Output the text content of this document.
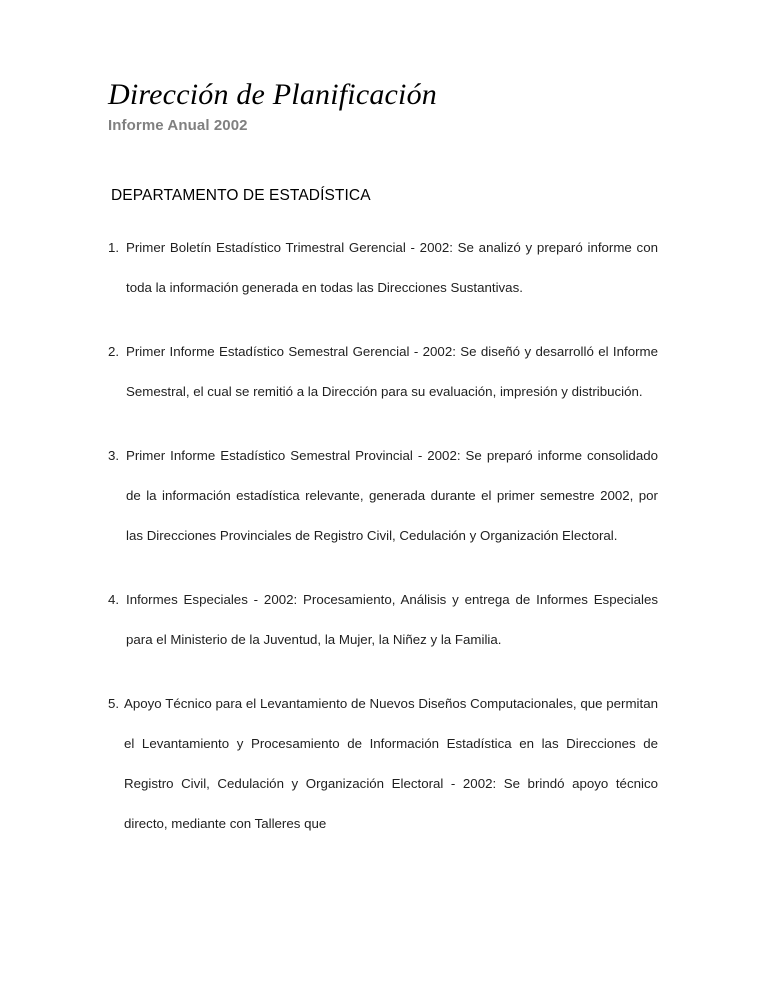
Dirección de Planificación
Informe Anual 2002
DEPARTAMENTO DE ESTADÍSTICA
1. Primer Boletín Estadístico Trimestral Gerencial - 2002: Se analizó y preparó informe con toda la información generada en todas las Direcciones Sustantivas.
2. Primer Informe Estadístico Semestral Gerencial - 2002: Se diseñó y desarrolló el Informe Semestral, el cual se remitió a la Dirección para su evaluación, impresión y distribución.
3. Primer Informe Estadístico Semestral Provincial - 2002: Se preparó informe consolidado de la información estadística relevante, generada durante el primer semestre 2002, por las Direcciones Provinciales de Registro Civil, Cedulación y Organización Electoral.
4. Informes Especiales - 2002: Procesamiento, Análisis y entrega de Informes Especiales para el Ministerio de la Juventud, la Mujer, la Niñez y la Familia.
5. Apoyo Técnico para el Levantamiento de Nuevos Diseños Computacionales, que permitan el Levantamiento y Procesamiento de Información Estadística en las Direcciones de Registro Civil, Cedulación y Organización Electoral - 2002: Se brindó apoyo técnico directo, mediante con Talleres que
